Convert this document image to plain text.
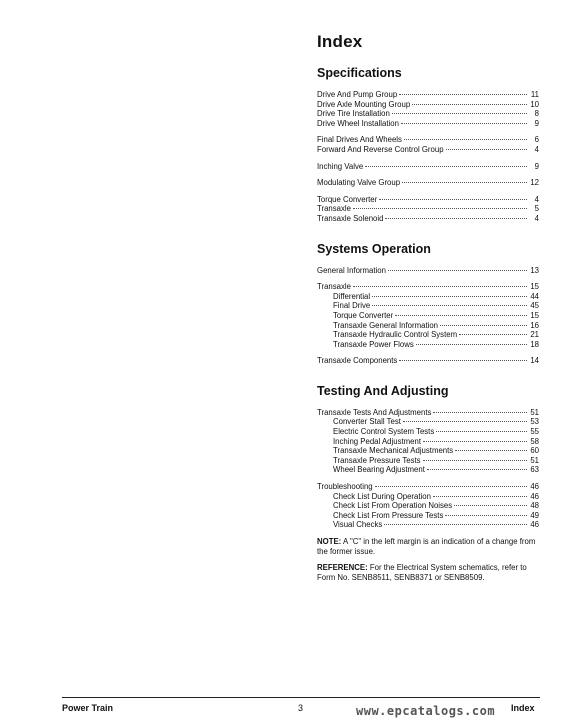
Index
Specifications
Drive And Pump Group	11
Drive Axle Mounting Group	10
Drive Tire Installation	8
Drive Wheel Installation	9
Final Drives And Wheels	6
Forward And Reverse Control Group	4
Inching Valve	9
Modulating Valve Group	12
Torque Converter	4
Transaxle	5
Transaxle Solenoid	4
Systems Operation
General Information	13
Transaxle	15
Differential	44
Final Drive	45
Torque Converter	15
Transaxle General Information	16
Transaxle Hydraulic Control System	21
Transaxle Power Flows	18
Transaxle Components	14
Testing And Adjusting
Transaxle Tests And Adjustments	51
Converter Stall Test	53
Electric Control System Tests	55
Inching Pedal Adjustment	58
Transaxle Mechanical Adjustments	60
Transaxle Pressure Tests	51
Wheel Bearing Adjustment	63
Troubleshooting	46
Check List During Operation	46
Check List From Operation Noises	48
Check List From Pressure Tests	49
Visual Checks	46
NOTE: A "C" in the left margin is an indication of a change from the former issue.
REFERENCE: For the Electrical System schematics, refer to Form No. SENB8511, SENB8371 or SENB8509.
Power Train	3	www.epcatalogs.com Index
